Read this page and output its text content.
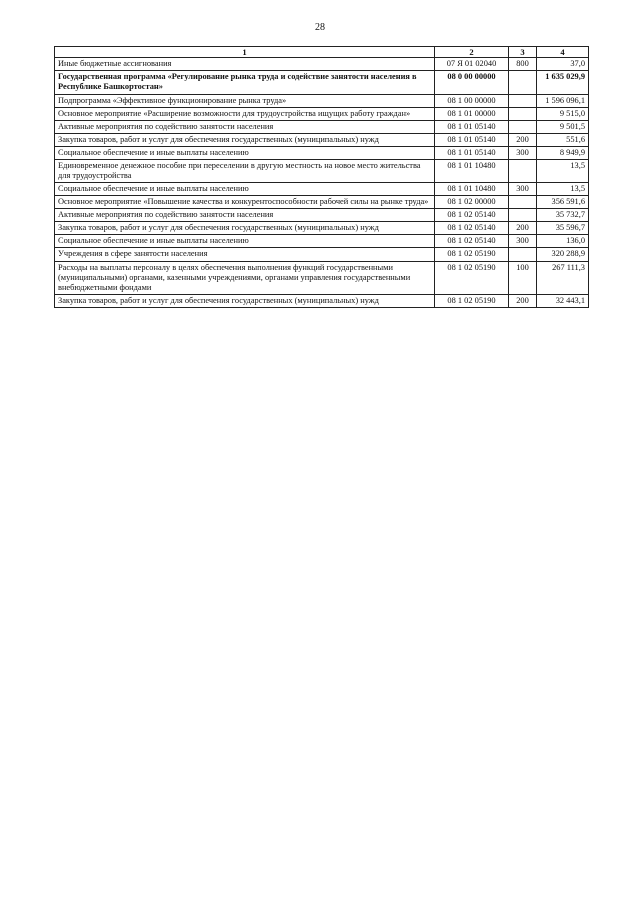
28
1	2	3	4
Иные бюджетные ассигнования	07 Я 01 02040	800	37,0
Государственная программа «Регулирование рынка труда и содействие занятости населения в Республике Башкортостан»	08 0 00 00000		1 635 029,9
Подпрограмма «Эффективное функционирование рынка труда»	08 1 00 00000		1 596 096,1
Основное мероприятие «Расширение возможности для трудоустройства ищущих работу граждан»	08 1 01 00000		9 515,0
Активные мероприятия по содействию занятости населения	08 1 01 05140		9 501,5
Закупка товаров, работ и услуг для обеспечения государственных (муниципальных) нужд	08 1 01 05140	200	551,6
Социальное обеспечение и иные выплаты населению	08 1 01 05140	300	8 949,9
Единовременное денежное пособие при переселении в другую местность на новое место жительства для трудоустройства	08 1 01 10480		13,5
Социальное обеспечение и иные выплаты населению	08 1 01 10480	300	13,5
Основное мероприятие «Повышение качества и конкурентоспособности рабочей силы на рынке труда»	08 1 02 00000		356 591,6
Активные мероприятия по содействию занятости населения	08 1 02 05140		35 732,7
Закупка товаров, работ и услуг для обеспечения государственных (муниципальных) нужд	08 1 02 05140	200	35 596,7
Социальное обеспечение и иные выплаты населению	08 1 02 05140	300	136,0
Учреждения в сфере занятости населения	08 1 02 05190		320 288,9
Расходы на выплаты персоналу в целях обеспечения выполнения функций государственными (муниципальными) органами, казенными учреждениями, органами управления государственными внебюджетными фондами	08 1 02 05190	100	267 111,3
Закупка товаров, работ и услуг для обеспечения государственных (муниципальных) нужд	08 1 02 05190	200	32 443,1
